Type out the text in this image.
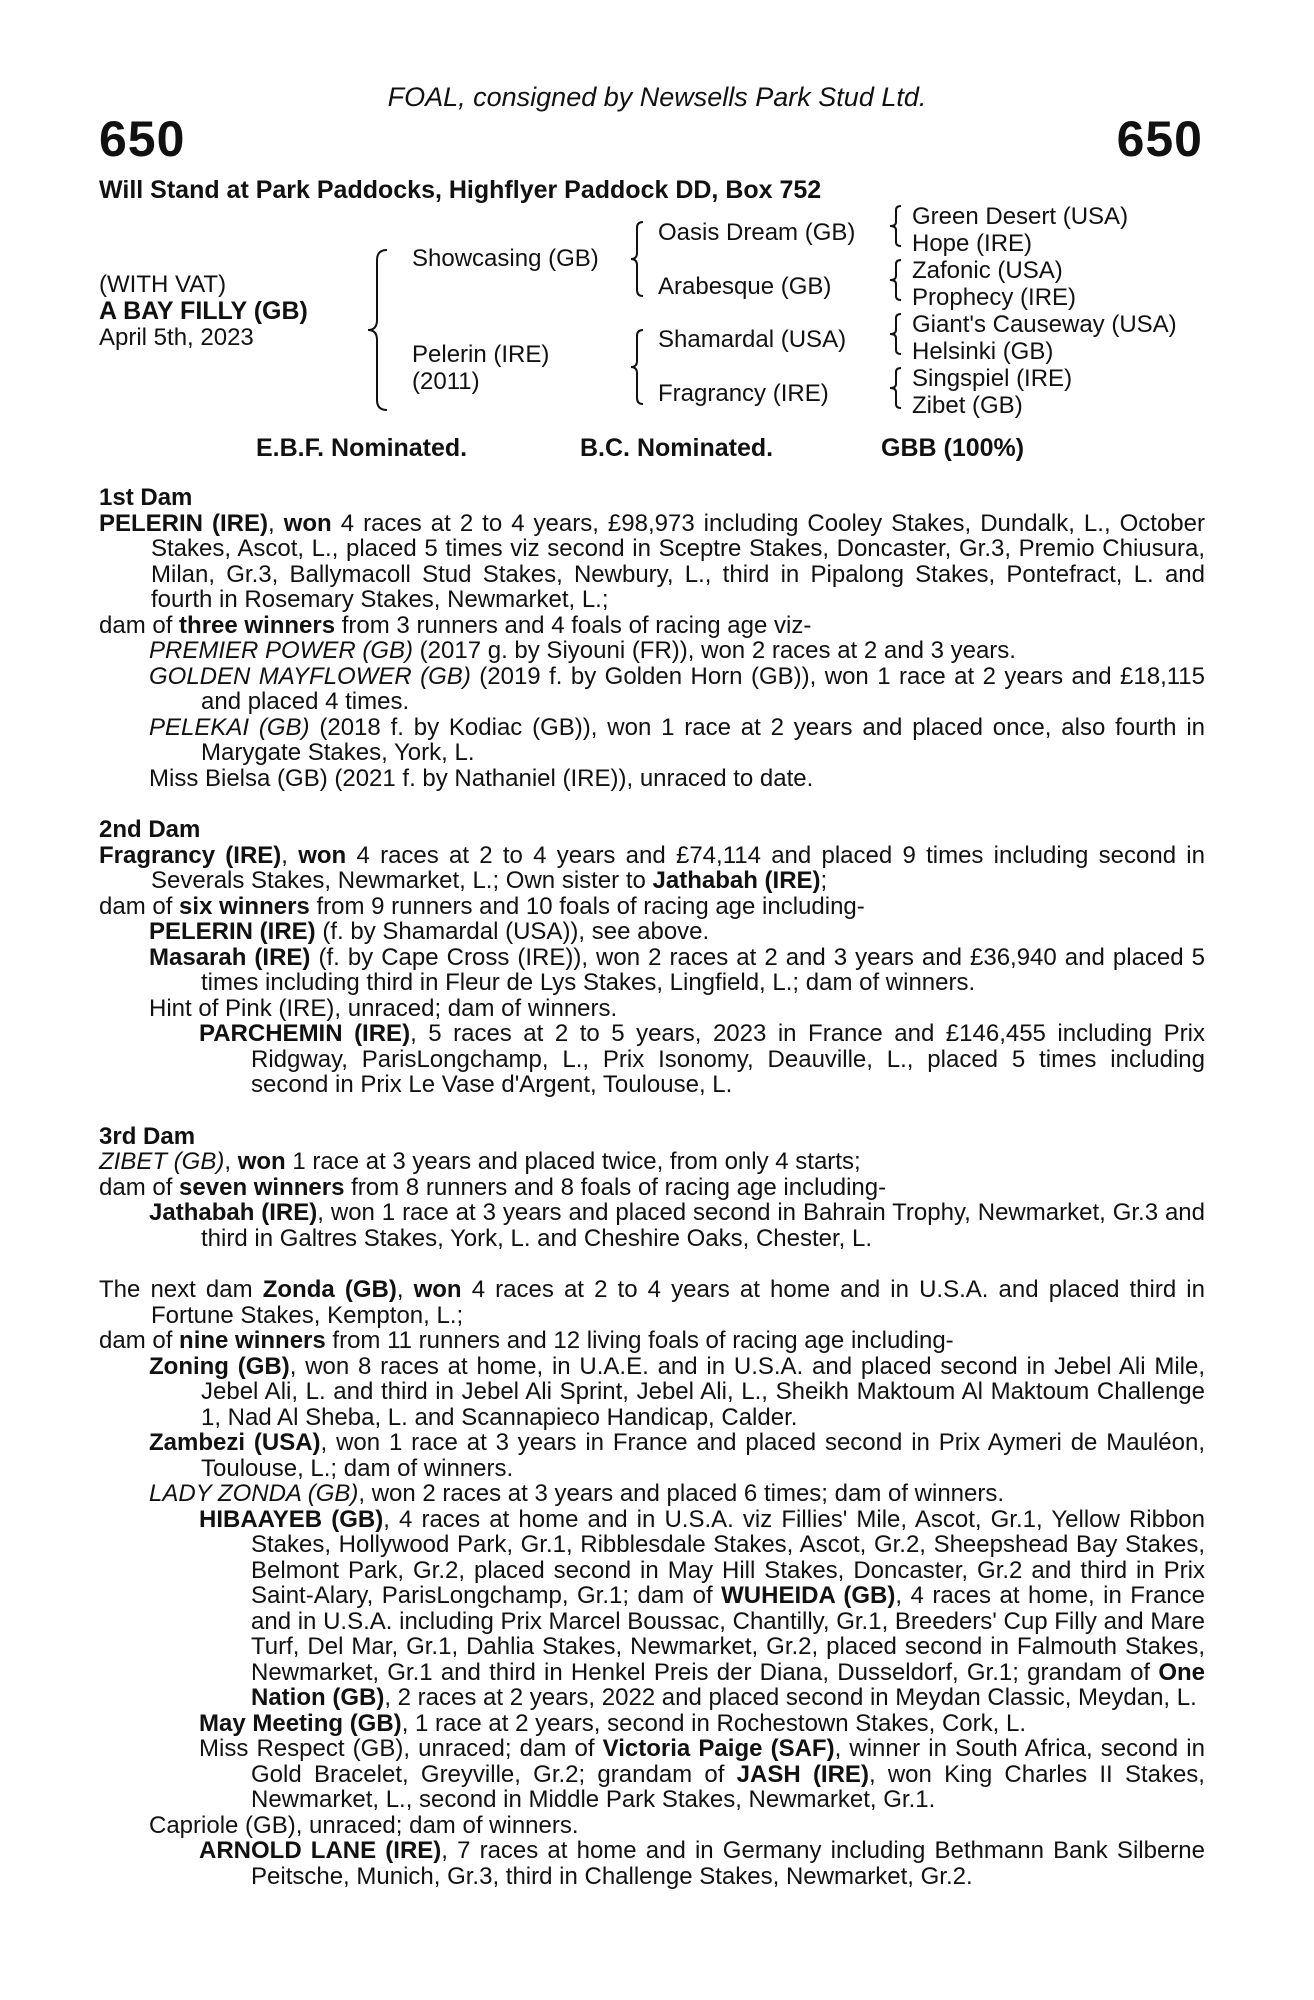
FOAL, consigned by Newsells Park Stud Ltd.
650	650
Will Stand at Park Paddocks, Highflyer Paddock DD, Box 752
(WITH VAT)
A BAY FILLY (GB)
April 5th, 2023
Showcasing (GB)
Pelerin (IRE)
(2011)
Oasis Dream (GB)
Arabesque (GB)
Shamardal (USA)
Fragrancy (IRE)
Green Desert (USA)
Hope (IRE)
Zafonic (USA)
Prophecy (IRE)
Giant's Causeway (USA)
Helsinki (GB)
Singspiel (IRE)
Zibet (GB)
E.B.F. Nominated.	B.C. Nominated.	GBB (100%)

1st Dam

PELERIN (IRE), won 4 races at 2 to 4 years, £98,973 including Cooley Stakes, Dundalk, L., October Stakes, Ascot, L., placed 5 times viz second in Sceptre Stakes, Doncaster, Gr.3, Premio Chiusura, Milan, Gr.3, Ballymacoll Stud Stakes, Newbury, L., third in Pipalong Stakes, Pontefract, L. and fourth in Rosemary Stakes, Newmarket, L.;

dam of three winners from 3 runners and 4 foals of racing age viz-

PREMIER POWER (GB) (2017 g. by Siyouni (FR)), won 2 races at 2 and 3 years.

GOLDEN MAYFLOWER (GB) (2019 f. by Golden Horn (GB)), won 1 race at 2 years and £18,115 and placed 4 times.

PELEKAI (GB) (2018 f. by Kodiac (GB)), won 1 race at 2 years and placed once, also fourth in Marygate Stakes, York, L.

Miss Bielsa (GB) (2021 f. by Nathaniel (IRE)), unraced to date.

2nd Dam

Fragrancy (IRE), won 4 races at 2 to 4 years and £74,114 and placed 9 times including second in Severals Stakes, Newmarket, L.; Own sister to Jathabah (IRE);

dam of six winners from 9 runners and 10 foals of racing age including-

PELERIN (IRE) (f. by Shamardal (USA)), see above.

Masarah (IRE) (f. by Cape Cross (IRE)), won 2 races at 2 and 3 years and £36,940 and placed 5 times including third in Fleur de Lys Stakes, Lingfield, L.; dam of winners.

Hint of Pink (IRE), unraced; dam of winners.

PARCHEMIN (IRE), 5 races at 2 to 5 years, 2023 in France and £146,455 including Prix Ridgway, ParisLongchamp, L., Prix Isonomy, Deauville, L., placed 5 times including second in Prix Le Vase d'Argent, Toulouse, L.

3rd Dam

ZIBET (GB), won 1 race at 3 years and placed twice, from only 4 starts;

dam of seven winners from 8 runners and 8 foals of racing age including-

Jathabah (IRE), won 1 race at 3 years and placed second in Bahrain Trophy, Newmarket, Gr.3 and third in Galtres Stakes, York, L. and Cheshire Oaks, Chester, L.

The next dam Zonda (GB), won 4 races at 2 to 4 years at home and in U.S.A. and placed third in Fortune Stakes, Kempton, L.;

dam of nine winners from 11 runners and 12 living foals of racing age including-

Zoning (GB), won 8 races at home, in U.A.E. and in U.S.A. and placed second in Jebel Ali Mile, Jebel Ali, L. and third in Jebel Ali Sprint, Jebel Ali, L., Sheikh Maktoum Al Maktoum Challenge 1, Nad Al Sheba, L. and Scannapieco Handicap, Calder.

Zambezi (USA), won 1 race at 3 years in France and placed second in Prix Aymeri de Mauléon, Toulouse, L.; dam of winners.

LADY ZONDA (GB), won 2 races at 3 years and placed 6 times; dam of winners.

HIBAAYEB (GB), 4 races at home and in U.S.A. viz Fillies' Mile, Ascot, Gr.1, Yellow Ribbon Stakes, Hollywood Park, Gr.1, Ribblesdale Stakes, Ascot, Gr.2, Sheepshead Bay Stakes, Belmont Park, Gr.2, placed second in May Hill Stakes, Doncaster, Gr.2 and third in Prix Saint-Alary, ParisLongchamp, Gr.1; dam of WUHEIDA (GB), 4 races at home, in France and in U.S.A. including Prix Marcel Boussac, Chantilly, Gr.1, Breeders' Cup Filly and Mare Turf, Del Mar, Gr.1, Dahlia Stakes, Newmarket, Gr.2, placed second in Falmouth Stakes, Newmarket, Gr.1 and third in Henkel Preis der Diana, Dusseldorf, Gr.1; grandam of One Nation (GB), 2 races at 2 years, 2022 and placed second in Meydan Classic, Meydan, L.

May Meeting (GB), 1 race at 2 years, second in Rochestown Stakes, Cork, L.

Miss Respect (GB), unraced; dam of Victoria Paige (SAF), winner in South Africa, second in Gold Bracelet, Greyville, Gr.2; grandam of JASH (IRE), won King Charles II Stakes, Newmarket, L., second in Middle Park Stakes, Newmarket, Gr.1.

Capriole (GB), unraced; dam of winners.

ARNOLD LANE (IRE), 7 races at home and in Germany including Bethmann Bank Silberne Peitsche, Munich, Gr.3, third in Challenge Stakes, Newmarket, Gr.2.
